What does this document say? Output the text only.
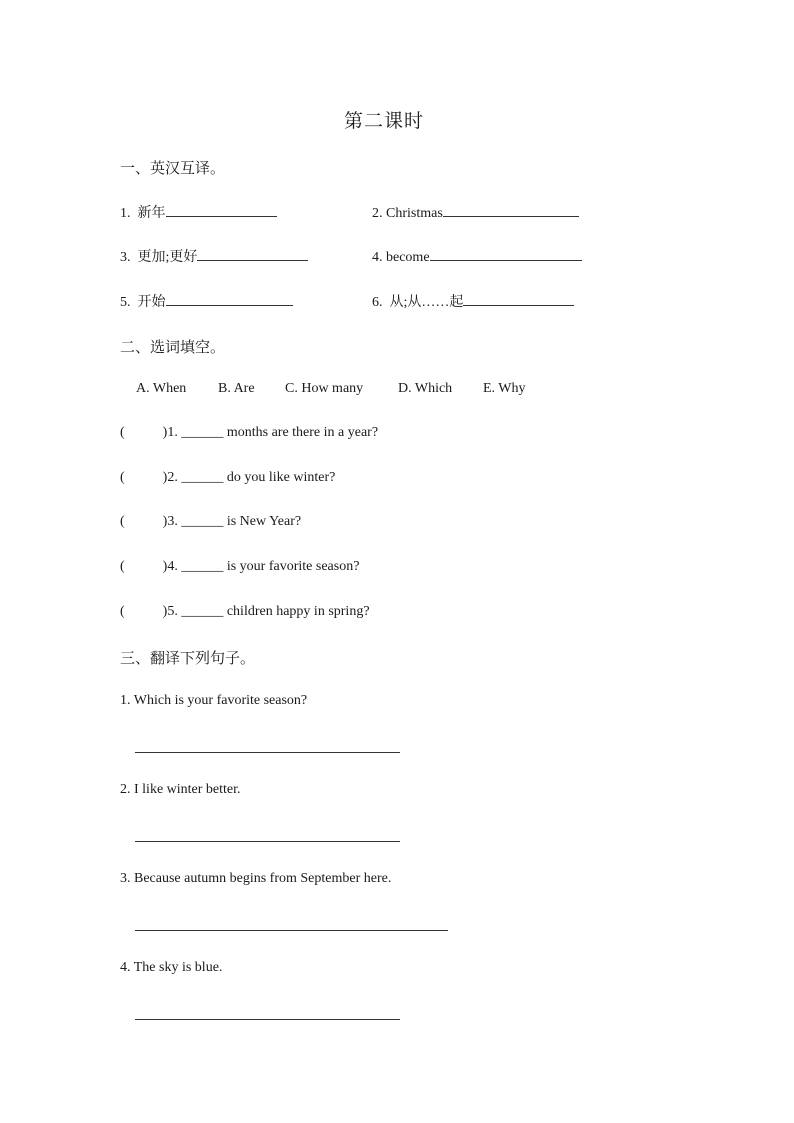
第二课时
一、英汉互译。
1. 新年	2. Christmas
3. 更加;更好	4. become
5. 开始	6. 从;从……起
二、选词填空。
A. When B. Are C. How many D. Which E. Why
(	)1. ______ months are there in a year?
(	)2. ______ do you like winter?
(	)3. ______ is New Year?
(	)4. ______ is your favorite season?
(	)5. ______ children happy in spring?
三、翻译下列句子。
1. Which is your favorite season?
2. I like winter better.
3. Because autumn begins from September here.
4. The sky is blue.
